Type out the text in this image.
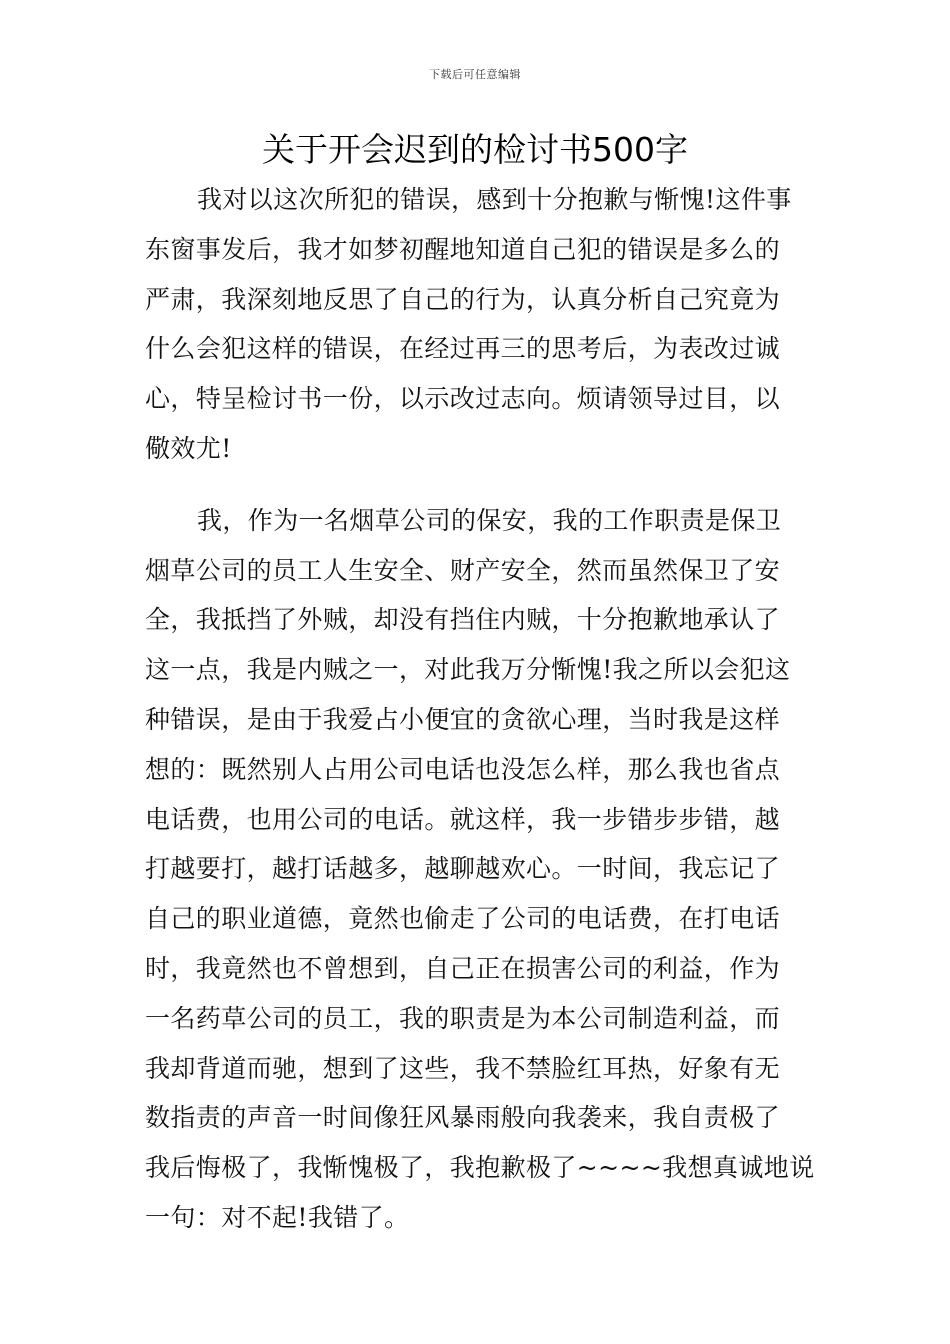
下载后可任意编辑
关于开会迟到的检讨书500字
我对以这次所犯的错误，感到十分抱歉与惭愧!这件事
东窗事发后，我才如梦初醒地知道自己犯的错误是多么的
严肃，我深刻地反思了自己的行为，认真分析自己究竟为
什么会犯这样的错误，在经过再三的思考后，为表改过诚
心，特呈检讨书一份，以示改过志向。烦请领导过目，以
儆效尤!
我，作为一名烟草公司的保安，我的工作职责是保卫
烟草公司的员工人生安全、财产安全，然而虽然保卫了安
全，我抵挡了外贼，却没有挡住内贼，十分抱歉地承认了
这一点，我是内贼之一，对此我万分惭愧!我之所以会犯这
种错误，是由于我爱占小便宜的贪欲心理，当时我是这样
想的：既然别人占用公司电话也没怎么样，那么我也省点
电话费，也用公司的电话。就这样，我一步错步步错，越
打越要打，越打话越多，越聊越欢心。一时间，我忘记了
自己的职业道德，竟然也偷走了公司的电话费，在打电话
时，我竟然也不曾想到，自己正在损害公司的利益，作为
一名药草公司的员工，我的职责是为本公司制造利益，而
我却背道而驰，想到了这些，我不禁脸红耳热，好象有无
数指责的声音一时间像狂风暴雨般向我袭来，我自责极了
我后悔极了，我惭愧极了，我抱歉极了~~~~我想真诚地说
一句：对不起!我错了。
